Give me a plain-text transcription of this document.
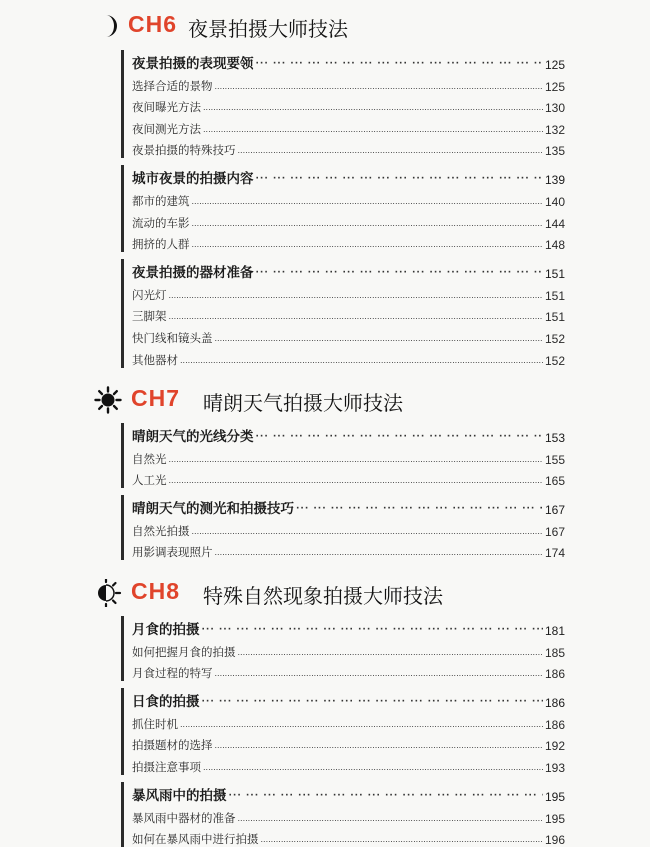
CH6 夜景拍摄大师技法
夜景拍摄的表现要领 ··· ·	125
选择合适的景物 .....	125
夜间曝光方法 .....	130
夜间测光方法 .....	132
夜景拍摄的特殊技巧 .....	135
城市夜景的拍摄内容 ··· ·	139
都市的建筑 .....	140
流动的车影 .....	144
拥挤的人群 .....	148
夜景拍摄的器材准备 ··· ·	151
闪光灯 .....	151
三脚架 .....	151
快门线和镜头盖 .....	152
其他器材 .....	152
CH7 晴朗天气拍摄大师技法
晴朗天气的光线分类 ··· ·	153
自然光 .....	155
人工光 .....	165
晴朗天气的测光和拍摄技巧 ··· ·	167
自然光拍摄 .....	167
用影调表现照片 .....	174
CH8 特殊自然现象拍摄大师技法
月食的拍摄 ··· ·	181
如何把握月食的拍摄 .....	185
月食过程的特写 .....	186
日食的拍摄 ··· ·	186
抓住时机 .....	186
拍摄题材的选择 .....	192
拍摄注意事项 .....	193
暴风雨中的拍摄 ··· ·	195
暴风雨中器材的准备 .....	195
如何在暴风雨中进行拍摄 .....	196
